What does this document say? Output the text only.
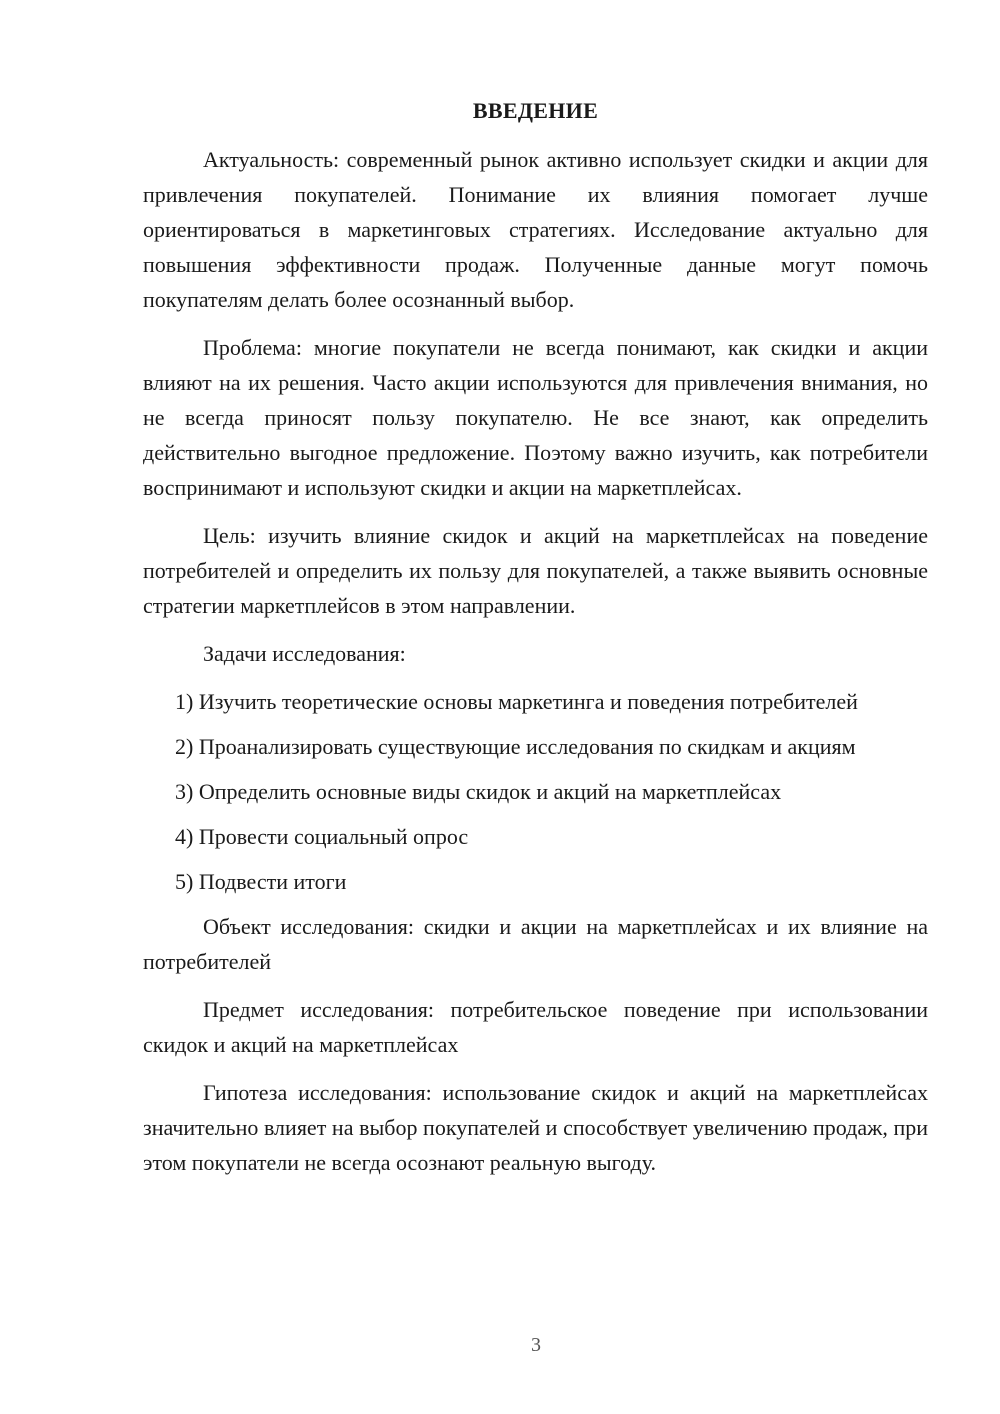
ВВЕДЕНИЕ

Актуальность: современный рынок активно использует скидки и акции для привлечения покупателей. Понимание их влияния помогает лучше ориентироваться в маркетинговых стратегиях. Исследование актуально для повышения эффективности продаж. Полученные данные могут помочь покупателям делать более осознанный выбор.

Проблема: многие покупатели не всегда понимают, как скидки и акции влияют на их решения. Часто акции используются для привлечения внимания, но не всегда приносят пользу покупателю. Не все знают, как определить действительно выгодное предложение. Поэтому важно изучить, как потребители воспринимают и используют скидки и акции на маркетплейсах.

Цель: изучить влияние скидок и акций на маркетплейсах на поведение потребителей и определить их пользу для покупателей, а также выявить основные стратегии маркетплейсов в этом направлении.

Задачи исследования:

1) Изучить теоретические основы маркетинга и поведения потребителей
2) Проанализировать существующие исследования по скидкам и акциям
3) Определить основные виды скидок и акций на маркетплейсах
4) Провести социальный опрос
5) Подвести итоги

Объект исследования: скидки и акции на маркетплейсах и их влияние на потребителей

Предмет исследования: потребительское поведение при использовании скидок и акций на маркетплейсах

Гипотеза исследования: использование скидок и акций на маркетплейсах значительно влияет на выбор покупателей и способствует увеличению продаж, при этом покупатели не всегда осознают реальную выгоду.

3
